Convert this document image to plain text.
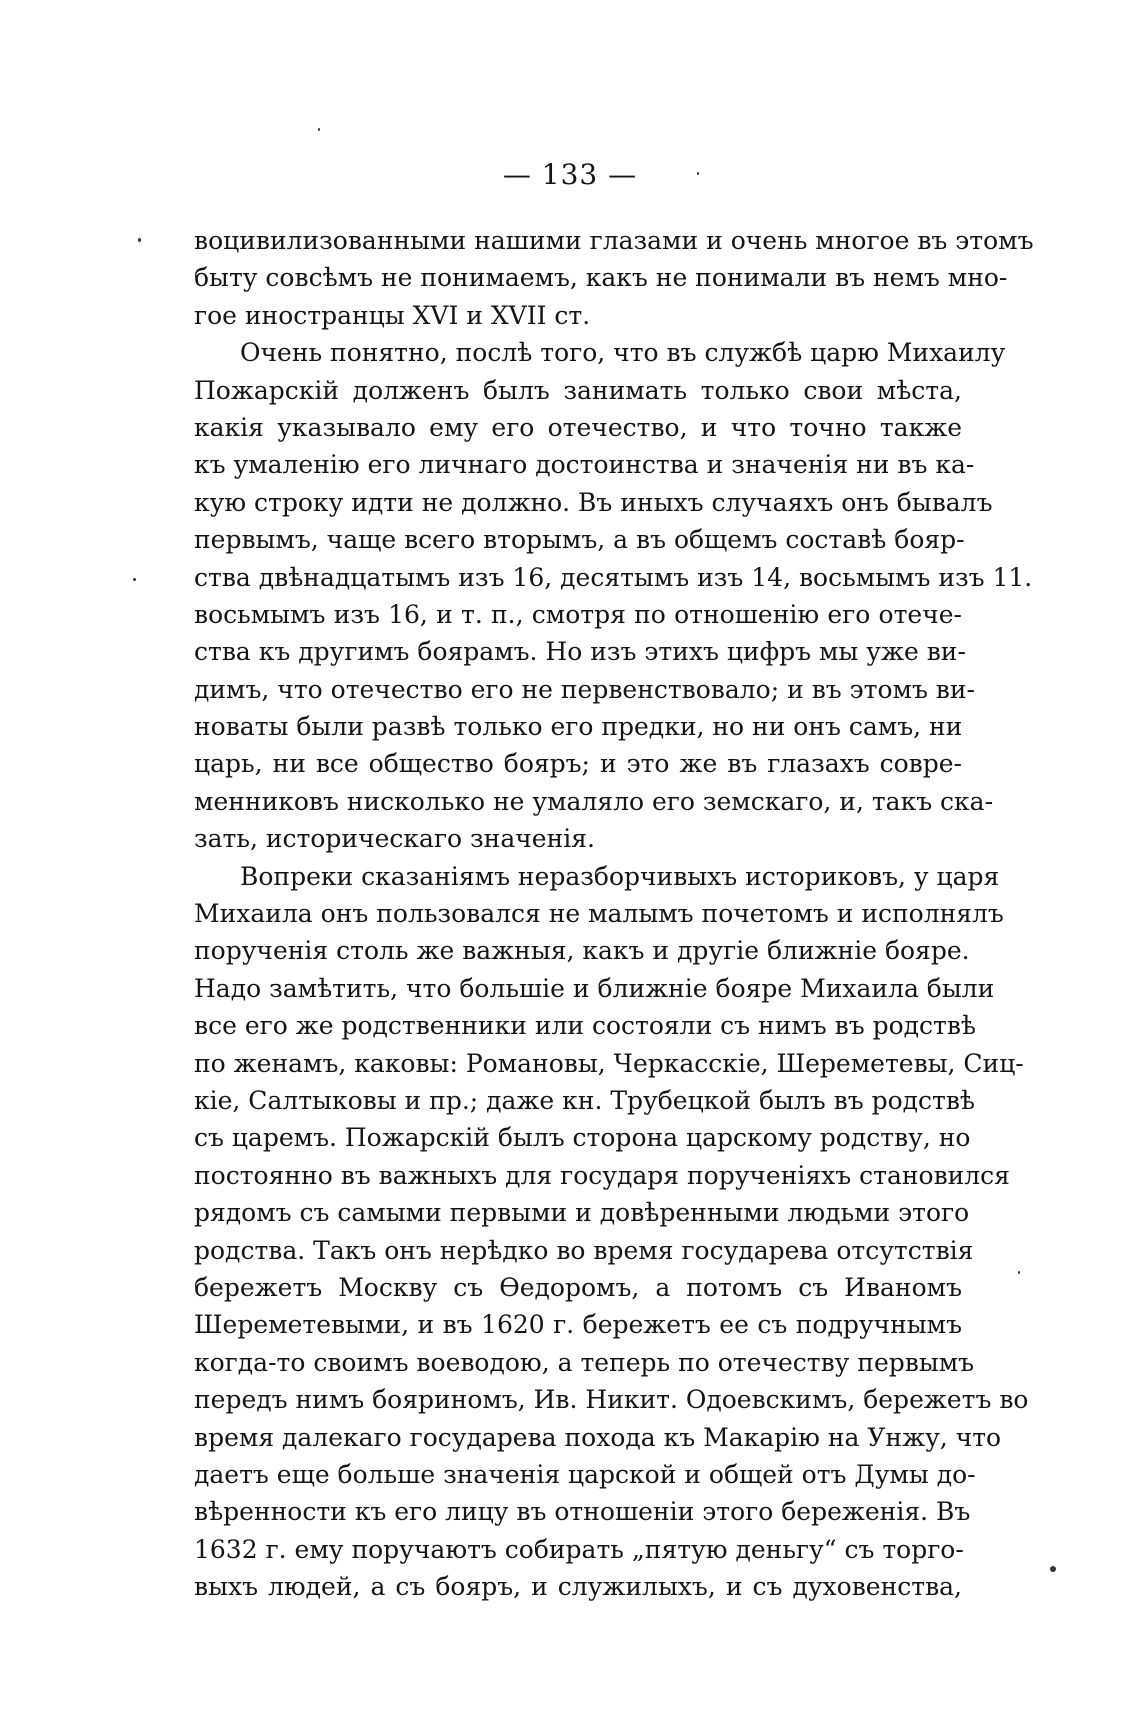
— 133 —
воцивилизованными нашими глазами и очень многое въ этомъ
быту совсѣмъ не понимаемъ, какъ не понимали въ немъ мно-
гое иностранцы XVI и XVII ст.
Очень понятно, послѣ того, что въ службѣ царю Михаилу
Пожарскій долженъ былъ занимать только свои мѣста,
какія указывало ему его отечество, и что точно также
къ умаленію его личнаго достоинства и значенія ни въ ка-
кую строку идти не должно. Въ иныхъ случаяхъ онъ бывалъ
первымъ, чаще всего вторымъ, а въ общемъ составѣ бояр-
ства двѣнадцатымъ изъ 16, десятымъ изъ 14, восьмымъ изъ 11.
восьмымъ изъ 16, и т. п., смотря по отношенію его отече-
ства къ другимъ боярамъ. Но изъ этихъ цифръ мы уже ви-
димъ, что отечество его не первенствовало; и въ этомъ ви-
новаты были развѣ только его предки, но ни онъ самъ, ни
царь, ни все общество бояръ; и это же въ глазахъ совре-
менниковъ нисколько не умаляло его земскаго, и, такъ ска-
зать, историческаго значенія.
Вопреки сказаніямъ неразборчивыхъ историковъ, у царя
Михаила онъ пользовался не малымъ почетомъ и исполнялъ
порученія столь же важныя, какъ и другіе ближніе бояре.
Надо замѣтить, что большіе и ближніе бояре Михаила были
все его же родственники или состояли съ нимъ въ родствѣ
по женамъ, каковы: Романовы, Черкасскіе, Шереметевы, Сиц-
кіе, Салтыковы и пр.; даже кн. Трубецкой былъ въ родствѣ
съ царемъ. Пожарскій былъ сторона царскому родству, но
постоянно въ важныхъ для государя порученіяхъ становился
рядомъ съ самыми первыми и довѣренными людьми этого
родства. Такъ онъ нерѣдко во время государева отсутствія
бережетъ Москву съ Ѳедоромъ, а потомъ съ Иваномъ
Шереметевыми, и въ 1620 г. бережетъ ее съ подручнымъ
когда-то своимъ воеводою, а теперь по отечеству первымъ
передъ нимъ бояриномъ, Ив. Никит. Одоевскимъ, бережетъ во
время далекаго государева похода къ Макарію на Унжу, что
даетъ еще больше значенія царской и общей отъ Думы до-
вѣренности къ его лицу въ отношеніи этого береженія. Въ
1632 г. ему поручаютъ собирать „пятую деньгу“ съ торго-
выхъ людей, а съ бояръ, и служилыхъ, и съ духовенства,
